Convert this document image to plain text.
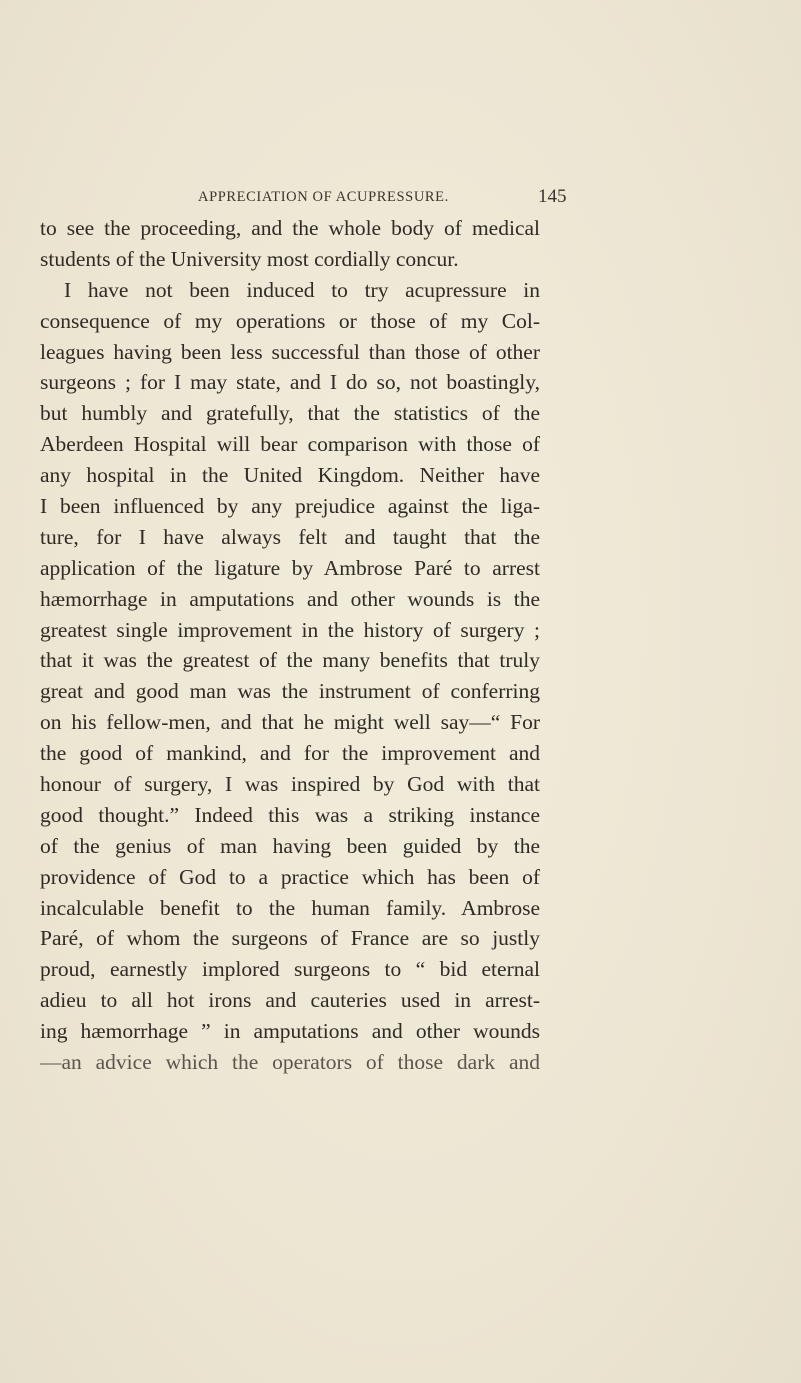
APPRECIATION OF ACUPRESSURE.	145
to see the proceeding, and the whole body of medical
students of the University most cordially concur.
I have not been induced to try acupressure in
consequence of my operations or those of my Col-
leagues having been less successful than those of other
surgeons ; for I may state, and I do so, not boastingly,
but humbly and gratefully, that the statistics of the
Aberdeen Hospital will bear comparison with those of
any hospital in the United Kingdom. Neither have
I been influenced by any prejudice against the liga-
ture, for I have always felt and taught that the
application of the ligature by Ambrose Paré to arrest
hæmorrhage in amputations and other wounds is the
greatest single improvement in the history of surgery ;
that it was the greatest of the many benefits that truly
great and good man was the instrument of conferring
on his fellow-men, and that he might well say—“ For
the good of mankind, and for the improvement and
honour of surgery, I was inspired by God with that
good thought.” Indeed this was a striking instance
of the genius of man having been guided by the
providence of God to a practice which has been of
incalculable benefit to the human family. Ambrose
Paré, of whom the surgeons of France are so justly
proud, earnestly implored surgeons to “ bid eternal
adieu to all hot irons and cauteries used in arrest-
ing hæmorrhage ” in amputations and other wounds
—an advice which the operators of those dark and
